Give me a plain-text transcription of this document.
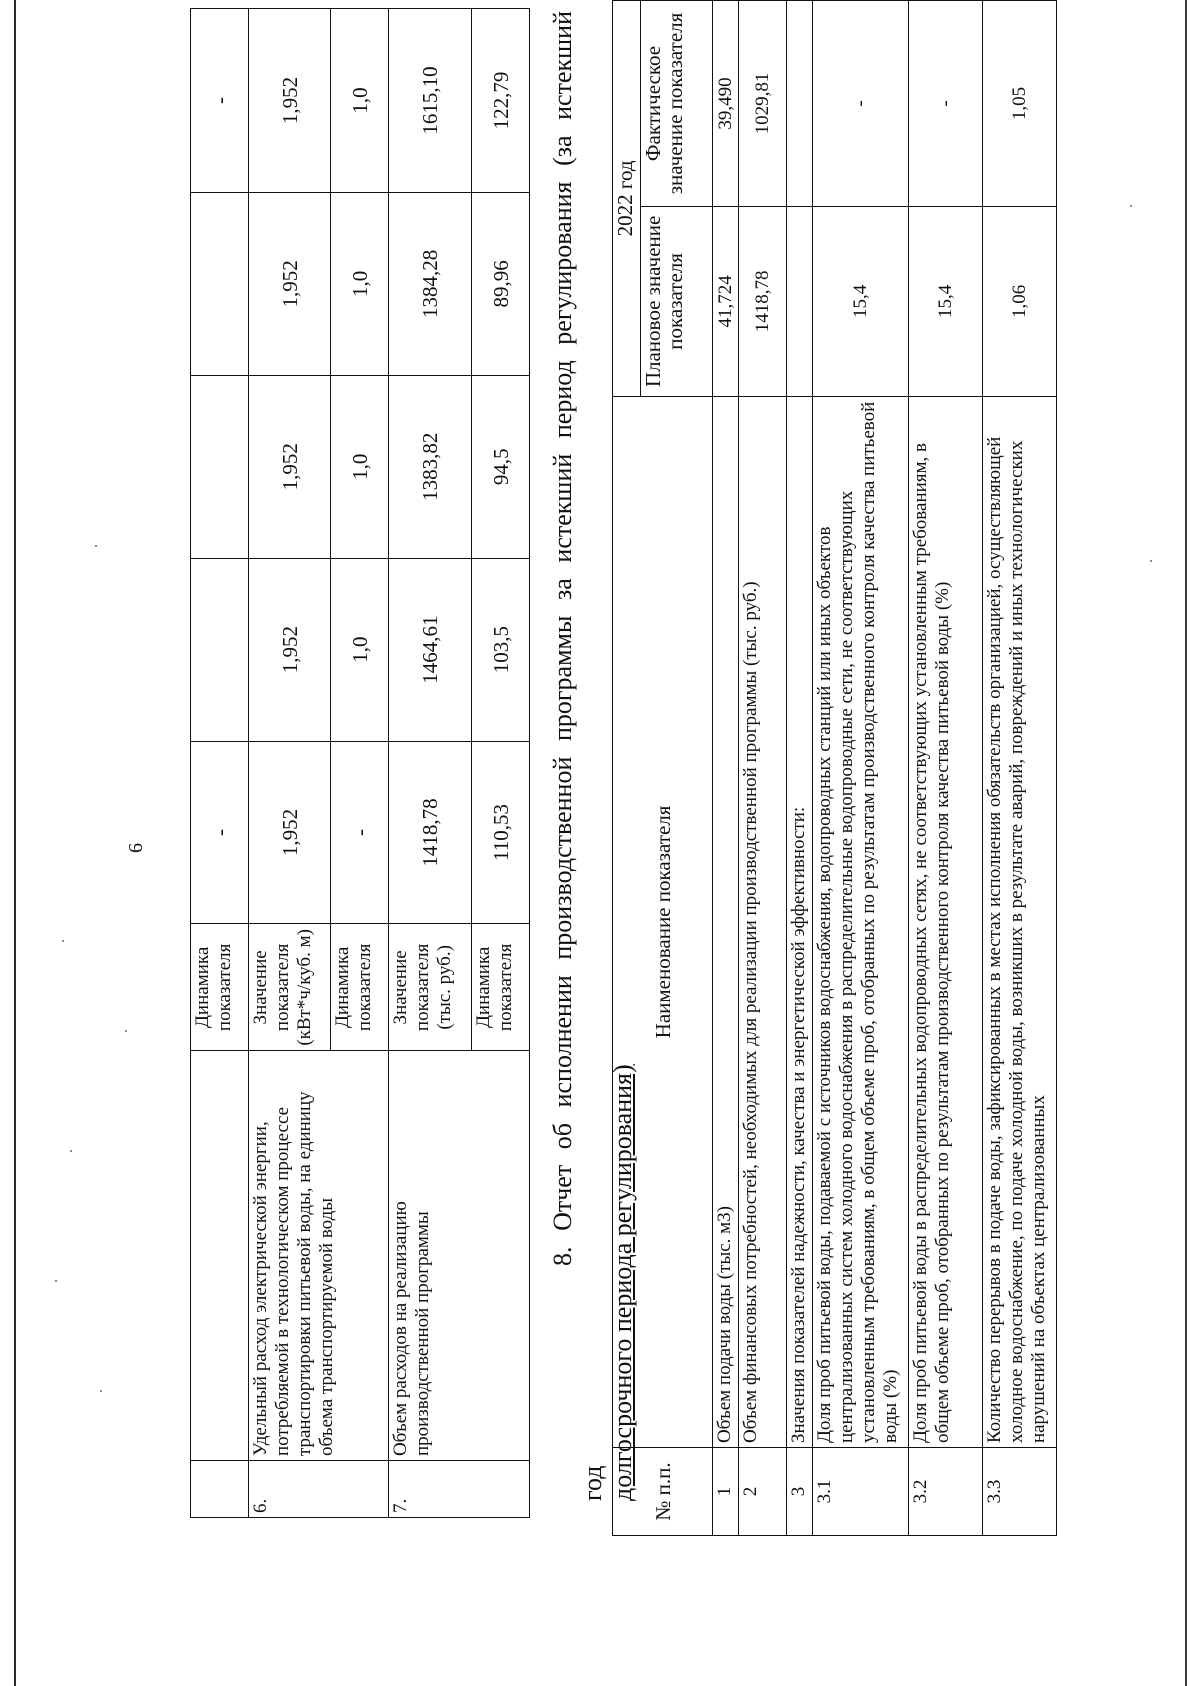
6
		Динамика показателя	-				-
6.	Удельный расход электрической энергии, потребляемой в технологическом процессе транспортировки питьевой воды, на единицу объема транспортируемой воды	Значение показателя (кВт*ч/куб. м)	1,952	1,952	1,952	1,952	1,952
		Динамика показателя	-	1,0	1,0	1,0	1,0
7.	Объем расходов на реализацию производственной программы	Значение показателя (тыс. руб.)	1418,78	1464,61	1383,82	1384,28	1615,10
		Динамика показателя	110,53	103,5	94,5	89,96	122,79 8. Отчет об исполнении производственной программы за истекший период регулирования (за истекший год долгосрочного периода регулирования) № п.п.	Наименование показателя	2022 год	
		Плановое значение показателя	Фактическое значение показателя
1	Объем подачи воды (тыс. м3)	41,724	39,490
2	Объем финансовых потребностей, необходимых для реализации производственной программы (тыс. руб.)	1418,78	1029,81
3	Значения показателей надежности, качества и энергетической эффективности:		
3.1	Доля проб питьевой воды, подаваемой с источников водоснабжения, водопроводных станций или иных объектов централизованных систем холодного водоснабжения в распределительные водопроводные сети, не соответствующих установленным требованиям, в общем объеме проб, отобранных по результатам производственного контроля качества питьевой воды (%)	15,4	-
3.2	Доля проб питьевой воды в распределительных водопроводных сетях, не соответствующих установленным требованиям, в общем объеме проб, отобранных по результатам производственного контроля качества питьевой воды (%)	15,4	-
3.3	Количество перерывов в подаче воды, зафиксированных в местах исполнения обязательств организацией, осуществляющей холодное водоснабжение, по подаче холодной воды, возникших в результате аварий, повреждений и иных технологических нарушений на объектах централизованных	1,06	1,05
